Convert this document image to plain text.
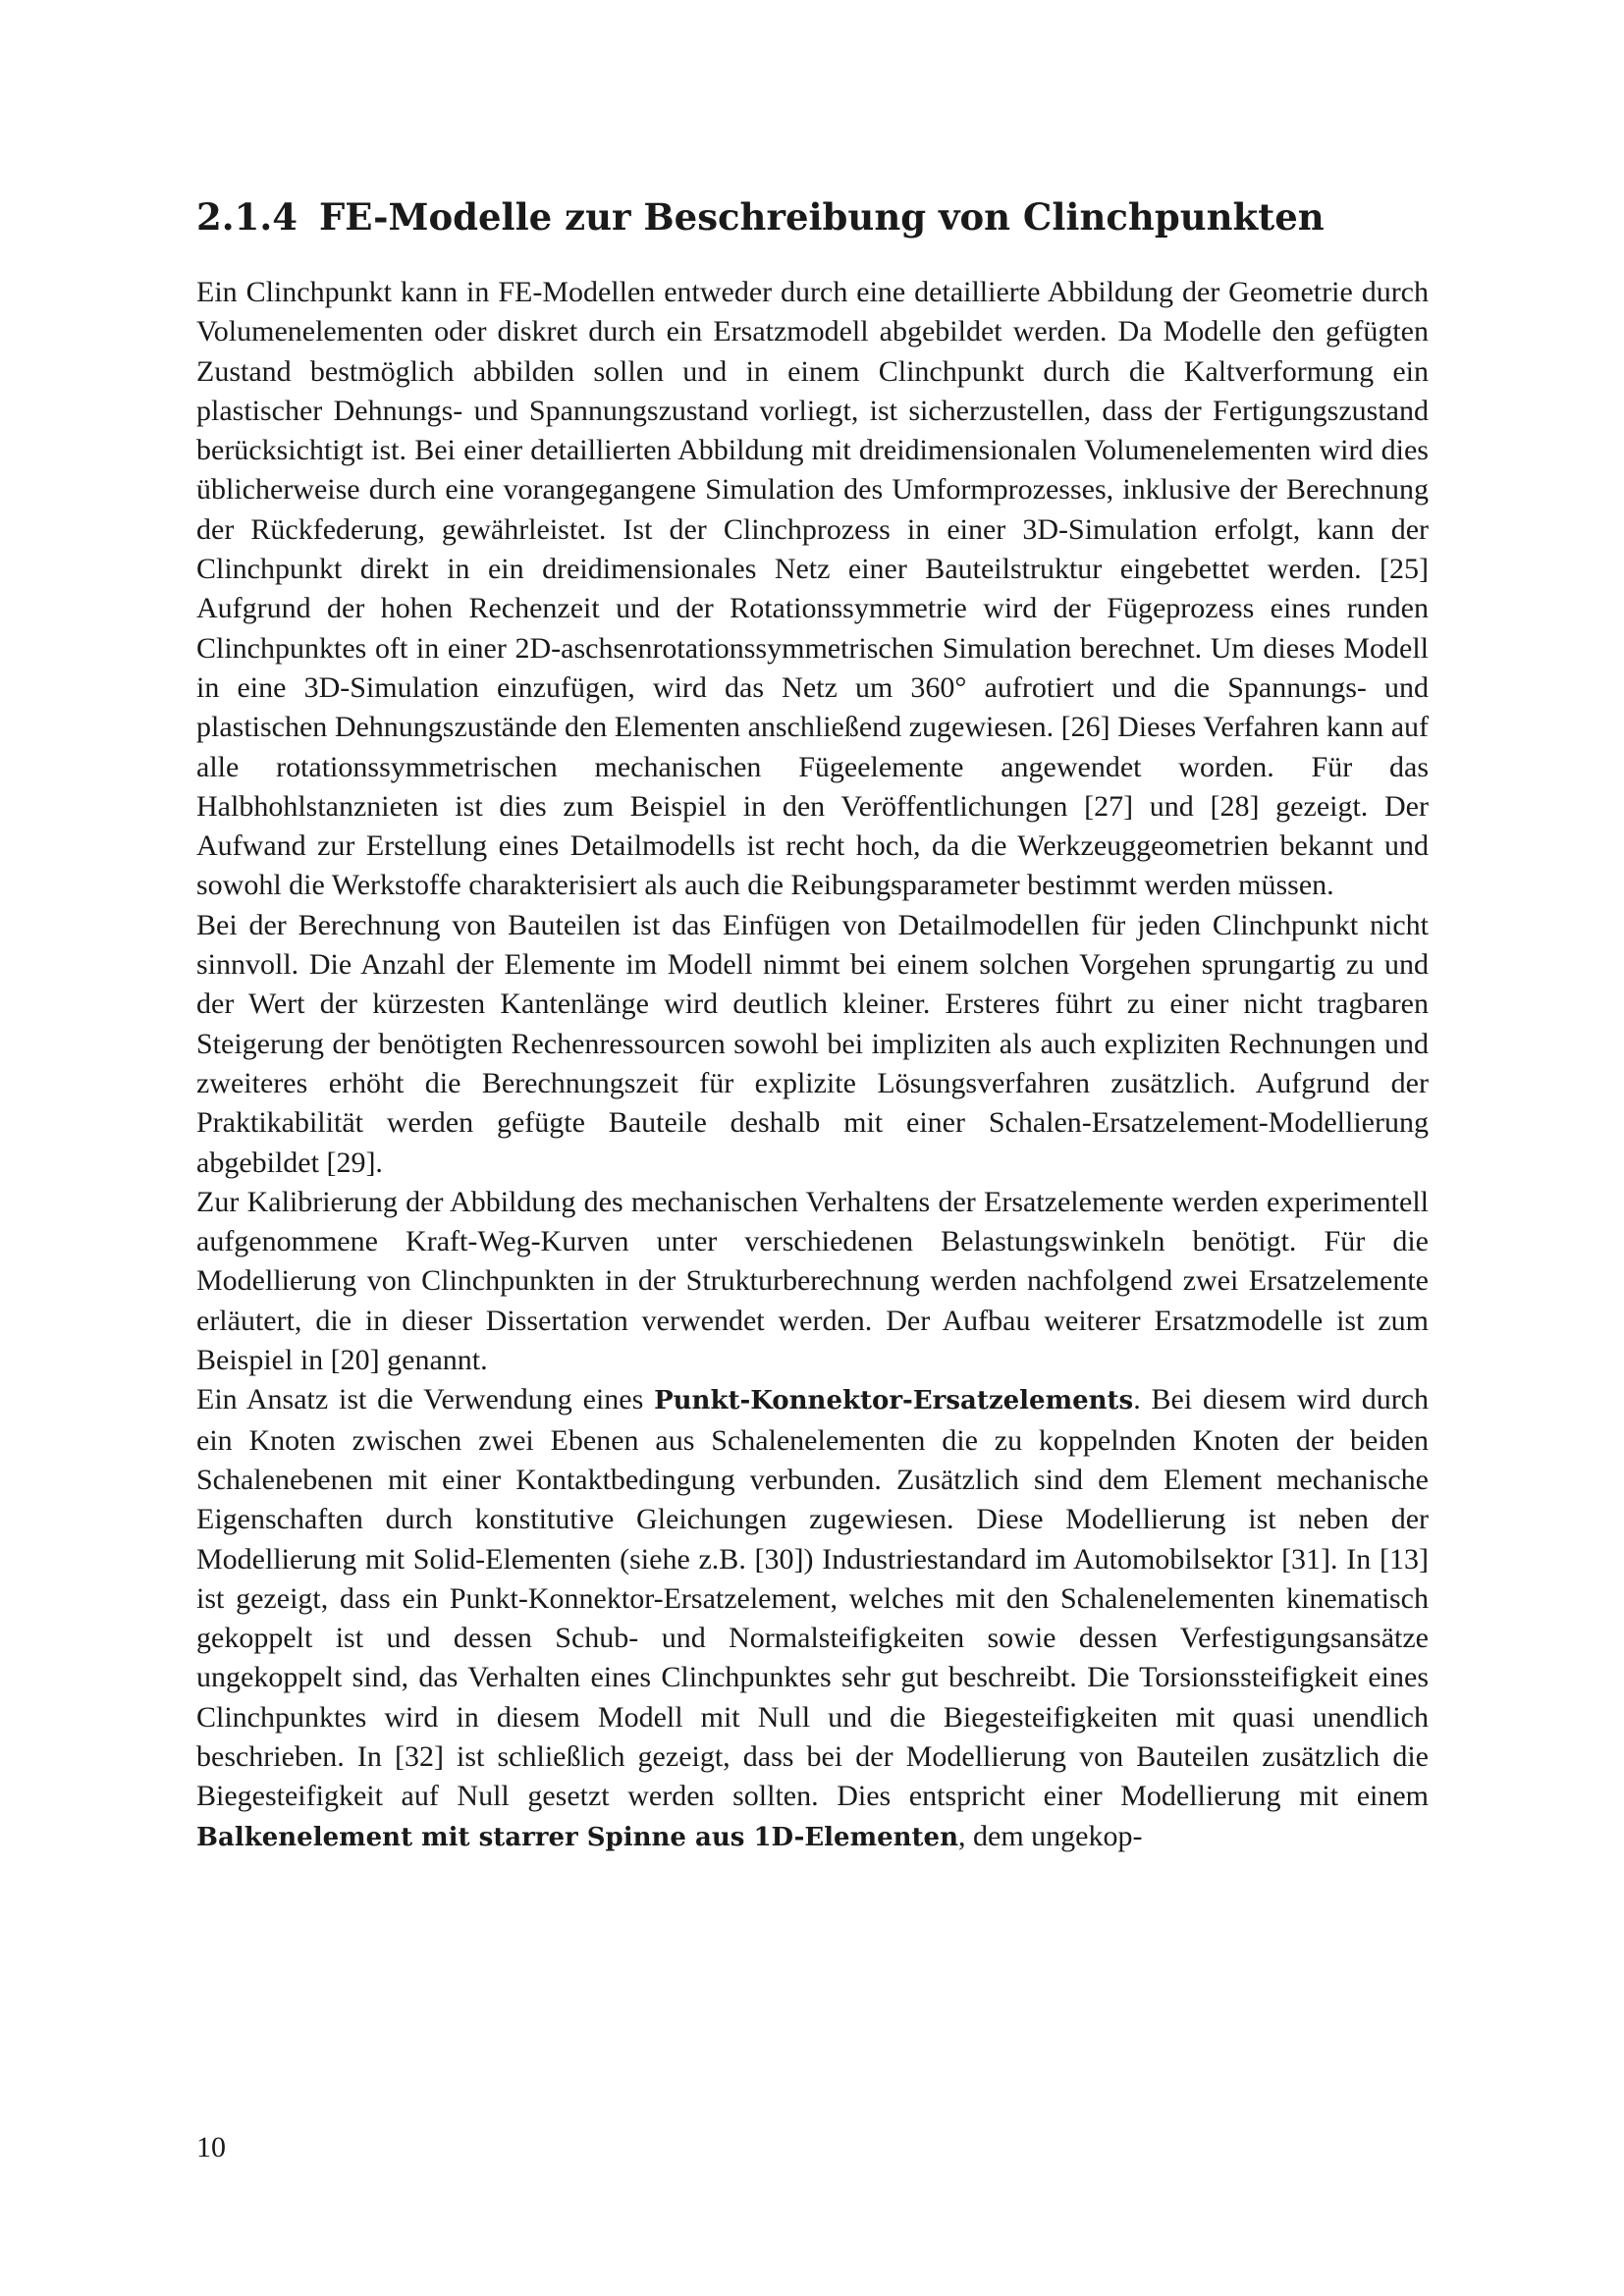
2.1.4 FE-Modelle zur Beschreibung von Clinchpunkten

Ein Clinchpunkt kann in FE-Modellen entweder durch eine detaillierte Abbildung der Geometrie durch Volumenelementen oder diskret durch ein Ersatzmodell abgebildet werden. Da Modelle den gefügten Zustand bestmöglich abbilden sollen und in einem Clinchpunkt durch die Kaltverformung ein plastischer Dehnungs- und Spannungszustand vorliegt, ist sicherzustellen, dass der Fertigungszustand berücksichtigt ist. Bei einer detaillierten Abbildung mit dreidimensionalen Volumenelementen wird dies üblicherweise durch eine vorangegangene Simulation des Umformprozesses, inklusive der Berechnung der Rückfederung, gewährleistet. Ist der Clinchprozess in einer 3D-Simulation erfolgt, kann der Clinchpunkt direkt in ein dreidimensionales Netz einer Bauteilstruktur eingebettet werden. [25] Aufgrund der hohen Rechenzeit und der Rotationssymmetrie wird der Fügeprozess eines runden Clinchpunktes oft in einer 2D-aschsenrotationssymmetrischen Simulation berechnet. Um dieses Modell in eine 3D-Simulation einzufügen, wird das Netz um 360° aufrotiert und die Spannungs- und plastischen Dehnungszustände den Elementen anschließend zugewiesen. [26] Dieses Verfahren kann auf alle rotationssymmetrischen mechanischen Fügeelemente angewendet worden. Für das Halbhohlstanznieten ist dies zum Beispiel in den Veröffentlichungen [27] und [28] gezeigt. Der Aufwand zur Erstellung eines Detailmodells ist recht hoch, da die Werkzeuggeometrien bekannt und sowohl die Werkstoffe charakterisiert als auch die Reibungsparameter bestimmt werden müssen.

Bei der Berechnung von Bauteilen ist das Einfügen von Detailmodellen für jeden Clinchpunkt nicht sinnvoll. Die Anzahl der Elemente im Modell nimmt bei einem solchen Vorgehen sprungartig zu und der Wert der kürzesten Kantenlänge wird deutlich kleiner. Ersteres führt zu einer nicht tragbaren Steigerung der benötigten Rechenressourcen sowohl bei impliziten als auch expliziten Rechnungen und zweiteres erhöht die Berechnungszeit für explizite Lösungsverfahren zusätzlich. Aufgrund der Praktikabilität werden gefügte Bauteile deshalb mit einer Schalen-Ersatzelement-Modellierung abgebildet [29].

Zur Kalibrierung der Abbildung des mechanischen Verhaltens der Ersatzelemente werden experimentell aufgenommene Kraft-Weg-Kurven unter verschiedenen Belastungswinkeln benötigt. Für die Modellierung von Clinchpunkten in der Strukturberechnung werden nachfolgend zwei Ersatzelemente erläutert, die in dieser Dissertation verwendet werden. Der Aufbau weiterer Ersatzmodelle ist zum Beispiel in [20] genannt.

Ein Ansatz ist die Verwendung eines Punkt-Konnektor-Ersatzelements. Bei diesem wird durch ein Knoten zwischen zwei Ebenen aus Schalenelementen die zu koppelnden Knoten der beiden Schalenebenen mit einer Kontaktbedingung verbunden. Zusätzlich sind dem Element mechanische Eigenschaften durch konstitutive Gleichungen zugewiesen. Diese Modellierung ist neben der Modellierung mit Solid-Elementen (siehe z.B. [30]) Industriestandard im Automobilsektor [31]. In [13] ist gezeigt, dass ein Punkt-Konnektor-Ersatzelement, welches mit den Schalenelementen kinematisch gekoppelt ist und dessen Schub- und Normalsteifigkeiten sowie dessen Verfestigungsansätze ungekoppelt sind, das Verhalten eines Clinchpunktes sehr gut beschreibt. Die Torsionssteifigkeit eines Clinchpunktes wird in diesem Modell mit Null und die Biegesteifigkeiten mit quasi unendlich beschrieben. In [32] ist schließlich gezeigt, dass bei der Modellierung von Bauteilen zusätzlich die Biegesteifigkeit auf Null gesetzt werden sollten. Dies entspricht einer Modellierung mit einem Balkenelement mit starrer Spinne aus 1D-Elementen, dem ungekop-

10
